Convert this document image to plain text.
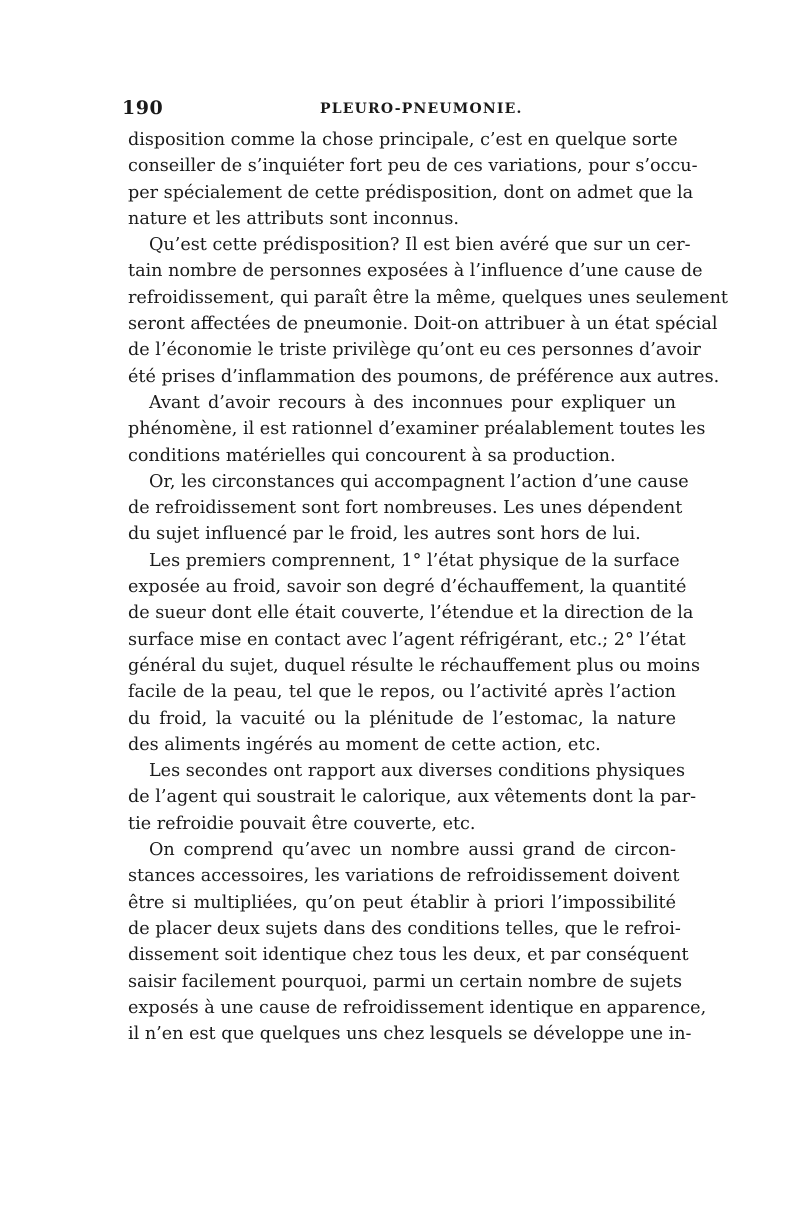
190	PLEURO-PNEUMONIE.
disposition comme la chose principale, c’est en quelque sorte
conseiller de s’inquiéter fort peu de ces variations, pour s’occu-
per spécialement de cette prédisposition, dont on admet que la
nature et les attributs sont inconnus.
Qu’est cette prédisposition? Il est bien avéré que sur un cer-
tain nombre de personnes exposées à l’influence d’une cause de
refroidissement, qui paraît être la même, quelques unes seulement
seront affectées de pneumonie. Doit-on attribuer à un état spécial
de l’économie le triste privilège qu’ont eu ces personnes d’avoir
été prises d’inflammation des poumons, de préférence aux autres.
Avant d’avoir recours à des inconnues pour expliquer un
phénomène, il est rationnel d’examiner préalablement toutes les
conditions matérielles qui concourent à sa production.
Or, les circonstances qui accompagnent l’action d’une cause
de refroidissement sont fort nombreuses. Les unes dépendent
du sujet influencé par le froid, les autres sont hors de lui.
Les premiers comprennent, 1° l’état physique de la surface
exposée au froid, savoir son degré d’échauffement, la quantité
de sueur dont elle était couverte, l’étendue et la direction de la
surface mise en contact avec l’agent réfrigérant, etc.; 2° l’état
général du sujet, duquel résulte le réchauffement plus ou moins
facile de la peau, tel que le repos, ou l’activité après l’action
du froid, la vacuité ou la plénitude de l’estomac, la nature
des aliments ingérés au moment de cette action, etc.
Les secondes ont rapport aux diverses conditions physiques
de l’agent qui soustrait le calorique, aux vêtements dont la par-
tie refroidie pouvait être couverte, etc.
On comprend qu’avec un nombre aussi grand de circon-
stances accessoires, les variations de refroidissement doivent
être si multipliées, qu’on peut établir à priori l’impossibilité
de placer deux sujets dans des conditions telles, que le refroi-
dissement soit identique chez tous les deux, et par conséquent
saisir facilement pourquoi, parmi un certain nombre de sujets
exposés à une cause de refroidissement identique en apparence,
il n’en est que quelques uns chez lesquels se développe une in-
